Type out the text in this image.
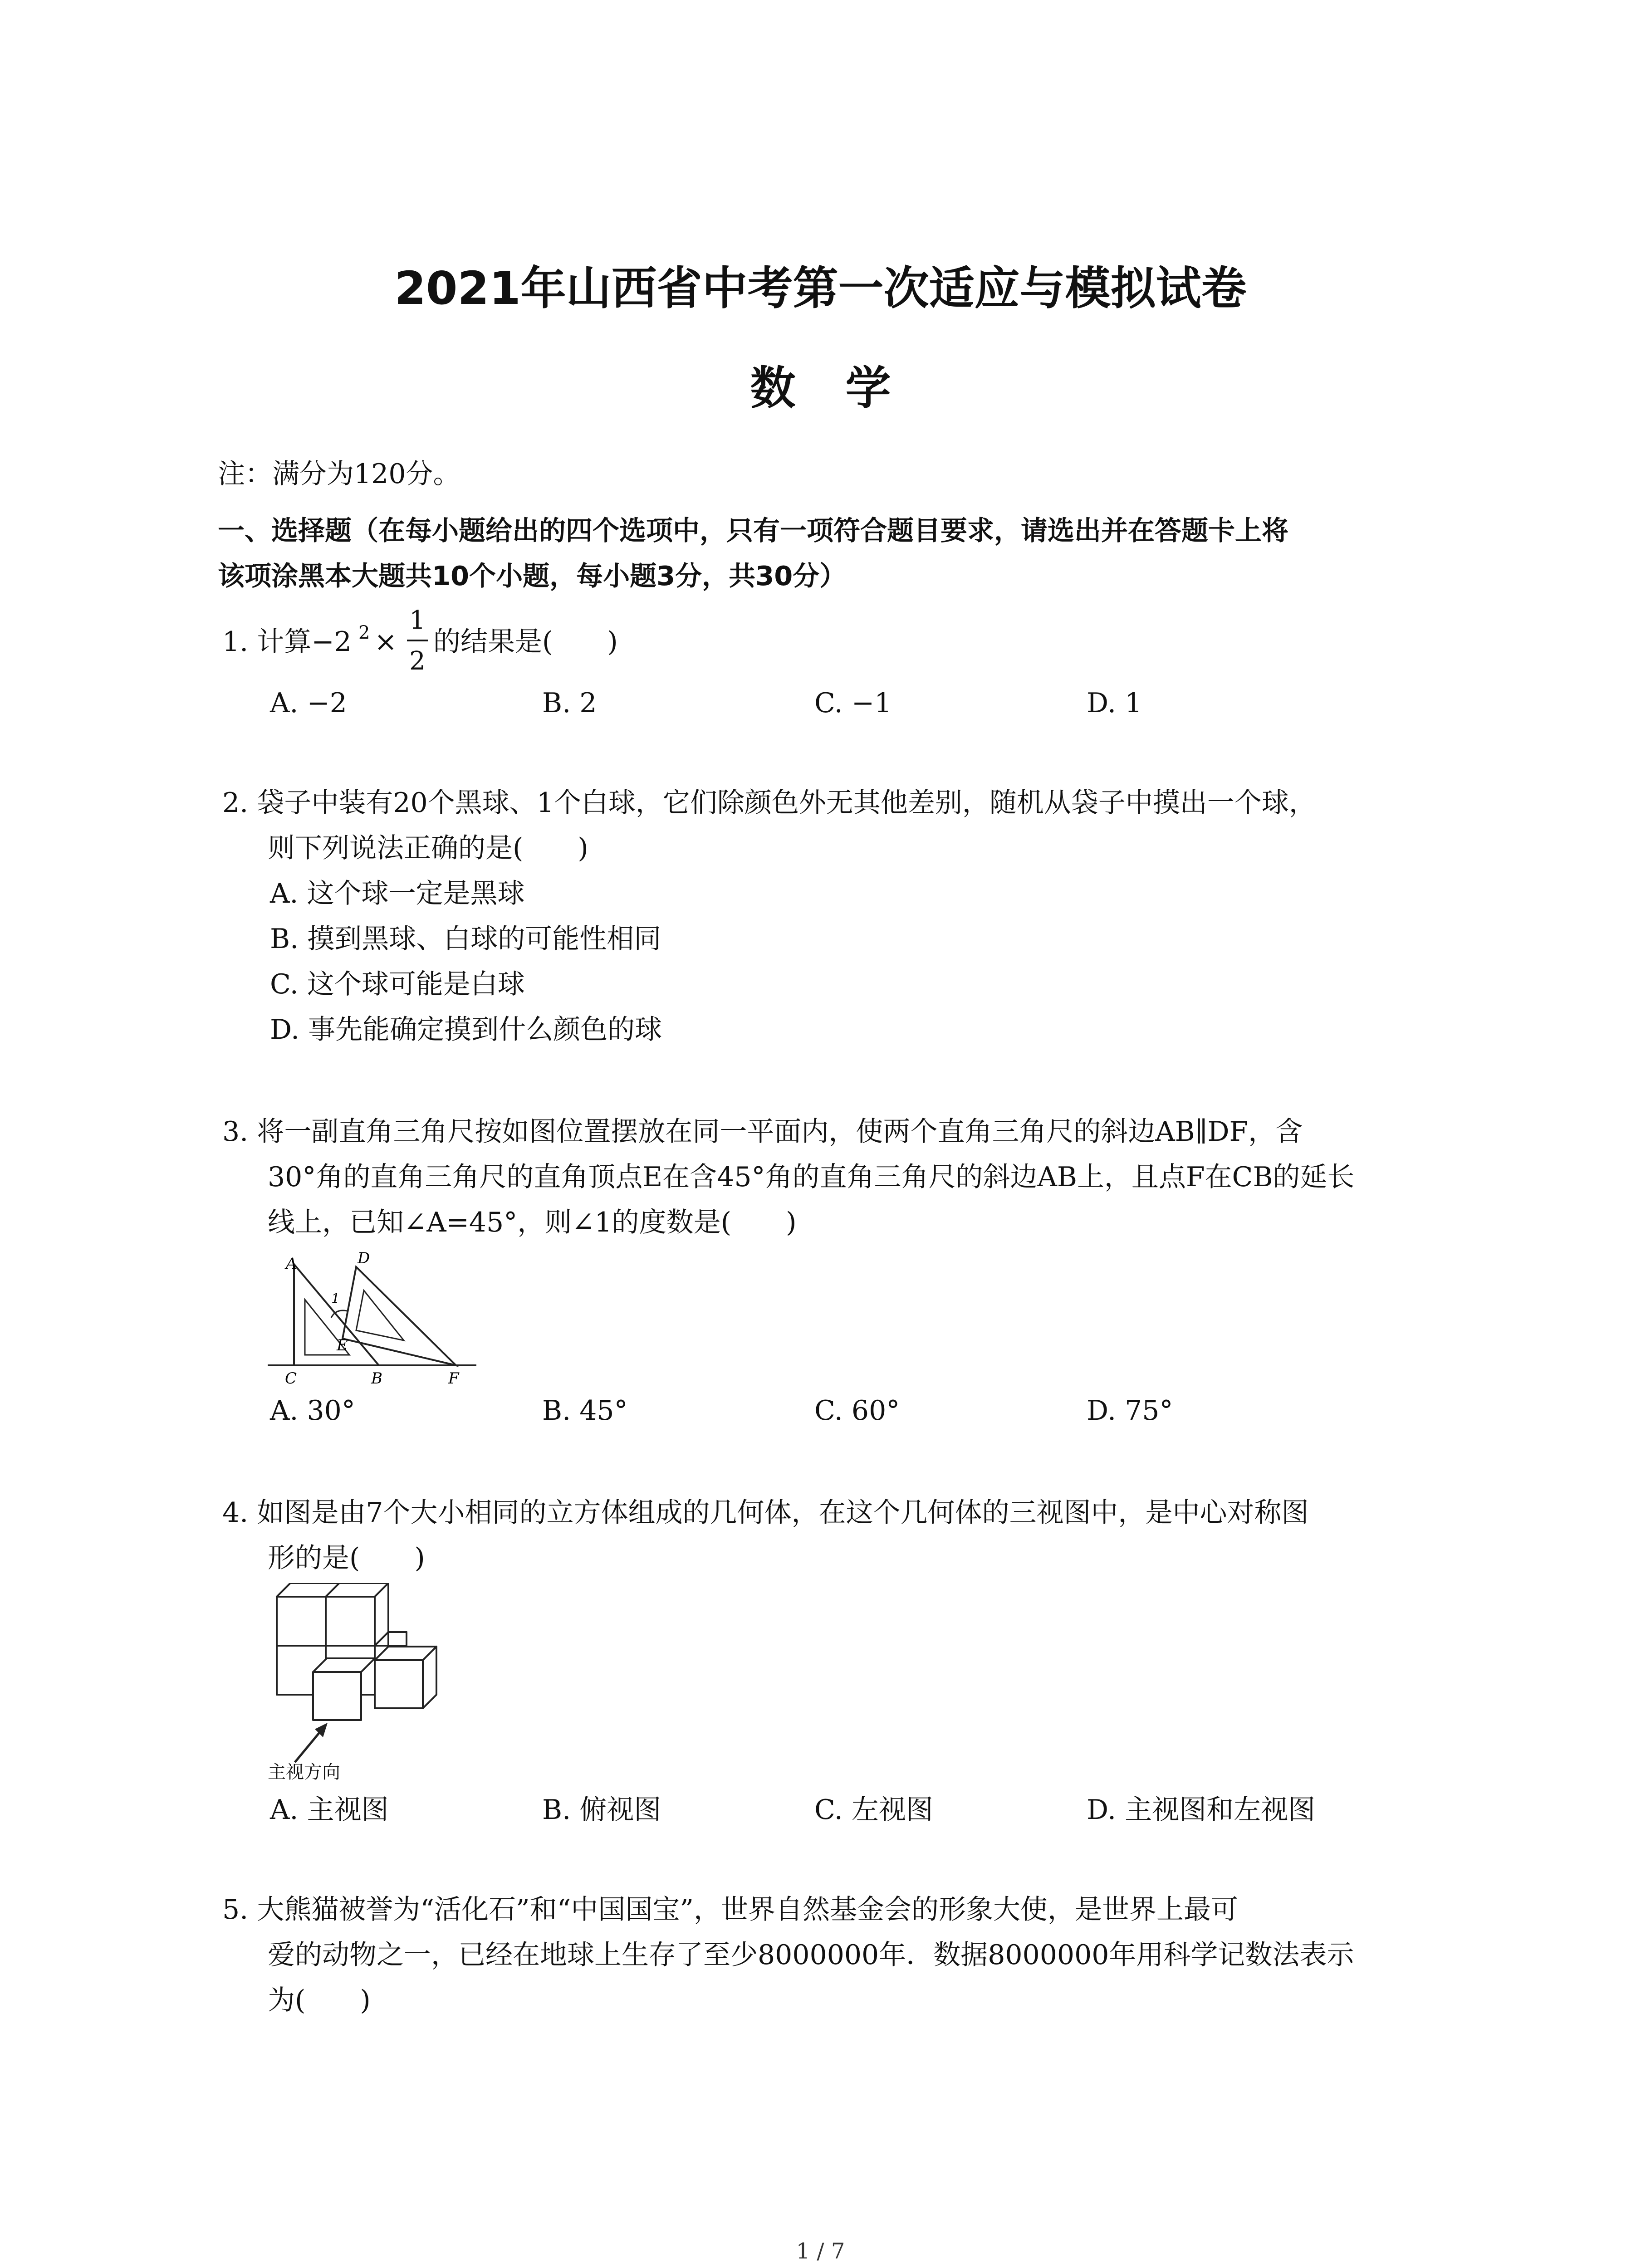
2021年山西省中考第一次适应与模拟试卷
数学
注：满分为120分。
一、选择题（在每小题给出的四个选项中，只有一项符合题目要求，请选出并在答题卡上将
该项涂黑本大题共10个小题，每小题3分，共30分）
1. 计算−2 2 ×
1
2
的结果是(　　)
A. −2	B. 2	C. −1	D. 1
2. 袋子中装有20个黑球、1个白球，它们除颜色外无其他差别，随机从袋子中摸出一个球，
则下列说法正确的是(　　)
A. 这个球一定是黑球
B. 摸到黑球、白球的可能性相同
C. 这个球可能是白球
D. 事先能确定摸到什么颜色的球
3. 将一副直角三角尺按如图位置摆放在同一平面内，使两个直角三角尺的斜边AB∥DF，含
30°角的直角三角尺的直角顶点E在含45°角的直角三角尺的斜边AB上，且点F在CB的延长
线上，已知∠A=45°，则∠1的度数是(　　)
A	D
1
E
C	B	F
A. 30°	B. 45°	C. 60°	D. 75°
4. 如图是由7个大小相同的立方体组成的几何体，在这个几何体的三视图中，是中心对称图
形的是(　　)
主视方向
A. 主视图	B. 俯视图	C. 左视图	D. 主视图和左视图
5. 大熊猫被誉为“活化石”和“中国国宝”，世界自然基金会的形象大使，是世界上最可
爱的动物之一，已经在地球上生存了至少8000000年．数据8000000年用科学记数法表示
为(　　)
1 / 7
